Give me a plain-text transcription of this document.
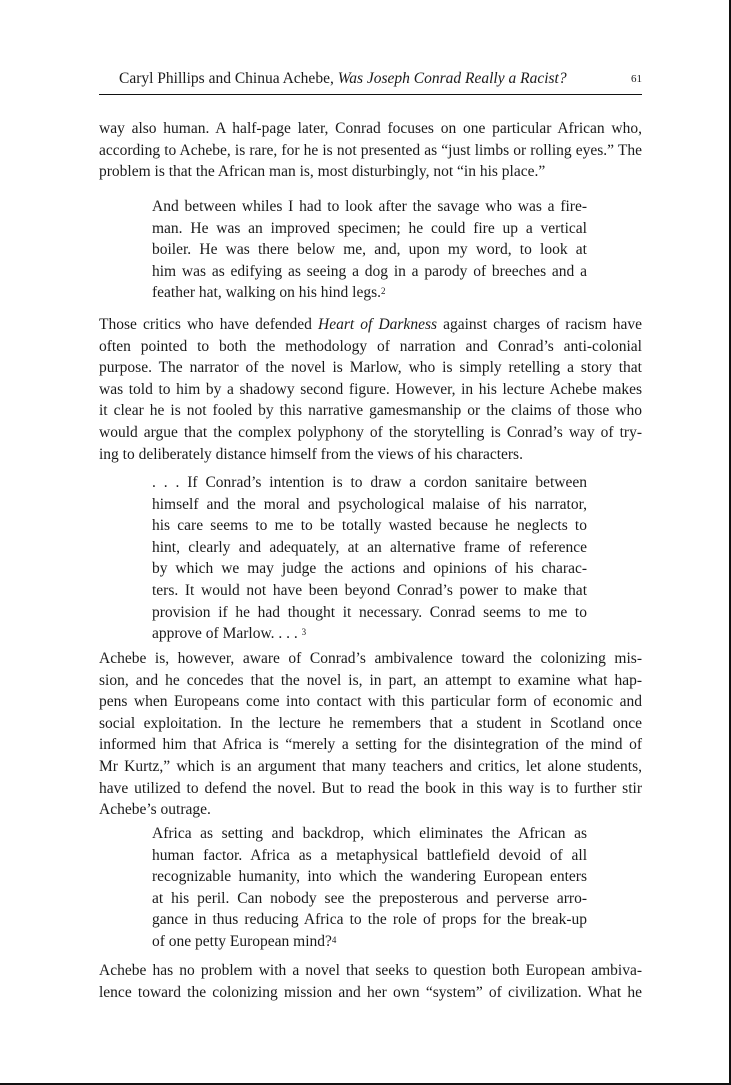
Caryl Phillips and Chinua Achebe, Was Joseph Conrad Really a Racist?	61
way also human. A half-page later, Conrad focuses on one particular African who,
according to Achebe, is rare, for he is not presented as “just limbs or rolling eyes.” The
problem is that the African man is, most disturbingly, not “in his place.”
And between whiles I had to look after the savage who was a fire-
man. He was an improved specimen; he could fire up a vertical
boiler. He was there below me, and, upon my word, to look at
him was as edifying as seeing a dog in a parody of breeches and a
feather hat, walking on his hind legs.$^2$
Those critics who have defended Heart of Darkness against charges of racism have
often pointed to both the methodology of narration and Conrad’s anti-colonial
purpose. The narrator of the novel is Marlow, who is simply retelling a story that
was told to him by a shadowy second figure. However, in his lecture Achebe makes
it clear he is not fooled by this narrative gamesmanship or the claims of those who
would argue that the complex polyphony of the storytelling is Conrad’s way of try-
ing to deliberately distance himself from the views of his characters.
. . . If Conrad’s intention is to draw a cordon sanitaire between
himself and the moral and psychological malaise of his narrator,
his care seems to me to be totally wasted because he neglects to
hint, clearly and adequately, at an alternative frame of reference
by which we may judge the actions and opinions of his charac-
ters. It would not have been beyond Conrad’s power to make that
provision if he had thought it necessary. Conrad seems to me to
approve of Marlow. . . . $^3$
Achebe is, however, aware of Conrad’s ambivalence toward the colonizing mis-
sion, and he concedes that the novel is, in part, an attempt to examine what hap-
pens when Europeans come into contact with this particular form of economic and
social exploitation. In the lecture he remembers that a student in Scotland once
informed him that Africa is “merely a setting for the disintegration of the mind of
Mr Kurtz,” which is an argument that many teachers and critics, let alone students,
have utilized to defend the novel. But to read the book in this way is to further stir
Achebe’s outrage.
Africa as setting and backdrop, which eliminates the African as
human factor. Africa as a metaphysical battlefield devoid of all
recognizable humanity, into which the wandering European enters
at his peril. Can nobody see the preposterous and perverse arro-
gance in thus reducing Africa to the role of props for the break-up
of one petty European mind?$^4$
Achebe has no problem with a novel that seeks to question both European ambiva-
lence toward the colonizing mission and her own “system” of civilization. What he
